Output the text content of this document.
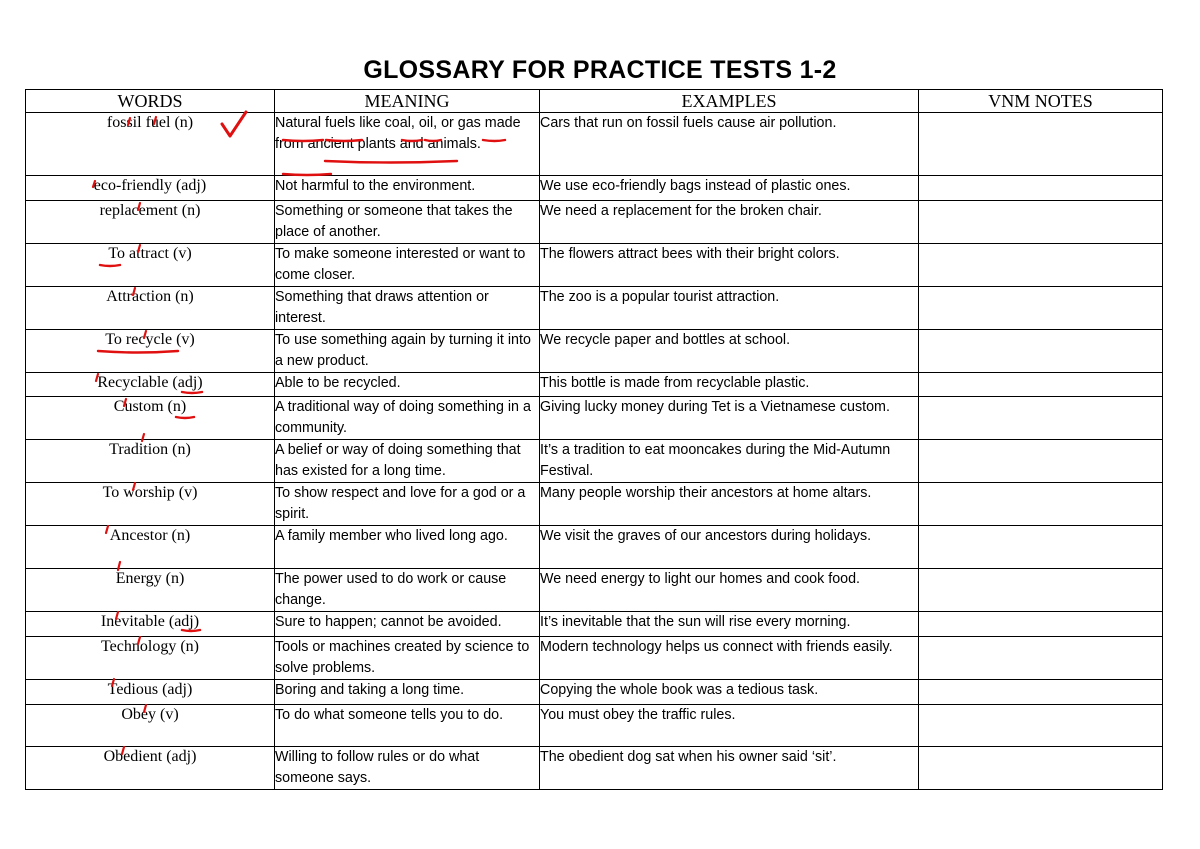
GLOSSARY FOR PRACTICE TESTS 1-2
WORDS	MEANING	EXAMPLES	VNM NOTES
fossil fuel (n)	Natural fuels like coal, oil, or gas made from ancient plants and animals.	Cars that run on fossil fuels cause air pollution.	
eco-friendly (adj)	Not harmful to the environment.	We use eco-friendly bags instead of plastic ones.	
replacement (n)	Something or someone that takes the place of another.	We need a replacement for the broken chair.	
To attract (v)	To make someone interested or want to come closer.	The flowers attract bees with their bright colors.	
Attraction (n)	Something that draws attention or interest.	The zoo is a popular tourist attraction.	
To recycle (v)	To use something again by turning it into a new product.	We recycle paper and bottles at school.	
Recyclable (adj)	Able to be recycled.	This bottle is made from recyclable plastic.	
Custom (n)	A traditional way of doing something in a community.	Giving lucky money during Tet is a Vietnamese custom.	
Tradition (n)	A belief or way of doing something that has existed for a long time.	It’s a tradition to eat mooncakes during the Mid-Autumn Festival.	
To worship (v)	To show respect and love for a god or a spirit.	Many people worship their ancestors at home altars.	
Ancestor (n)	A family member who lived long ago.	We visit the graves of our ancestors during holidays.	
Energy (n)	The power used to do work or cause change.	We need energy to light our homes and cook food.	
Inevitable (adj)	Sure to happen; cannot be avoided.	It’s inevitable that the sun will rise every morning.	
Technology (n)	Tools or machines created by science to solve problems.	Modern technology helps us connect with friends easily.	
Tedious (adj)	Boring and taking a long time.	Copying the whole book was a tedious task.	
Obey (v)	To do what someone tells you to do.	You must obey the traffic rules.	
Obedient (adj)	Willing to follow rules or do what someone says.	The obedient dog sat when his owner said ‘sit’.	
